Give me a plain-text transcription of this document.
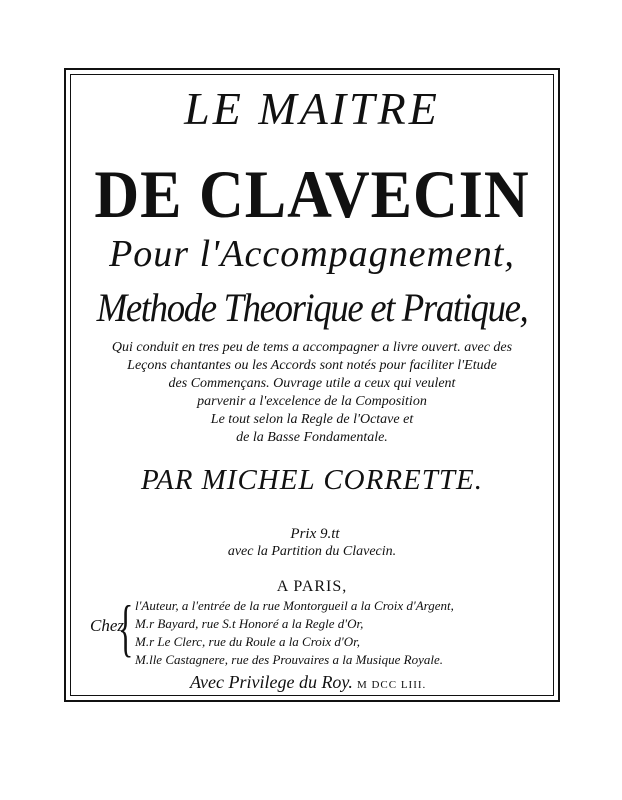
LE MAITRE
DE CLAVECIN
Pour l'Accompagnement,
Methode Theorique et Pratique,
Qui conduit en tres peu de tems a accompagner a livre ouvert. avec des
Leçons chantantes ou les Accords sont notés pour faciliter l'Etude
des Commençans. Ouvrage utile a ceux qui veulent
parvenir a l'excelence de la Composition
Le tout selon la Regle de l'Octave et
de la Basse Fondamentale.
PAR MICHEL CORRETTE.
Prix 9.tt
avec la Partition du Clavecin.
A PARIS,
Chez
{ l'Auteur, a l'entrée de la rue Montorgueil a la Croix d'Argent,
M.r Bayard, rue S.t Honoré a la Regle d'Or,
M.r Le Clerc, rue du Roule a la Croix d'Or,
M.lle Castagnere, rue des Prouvaires a la Musique Royale.
Avec Privilege du Roy. M DCC LIII.
